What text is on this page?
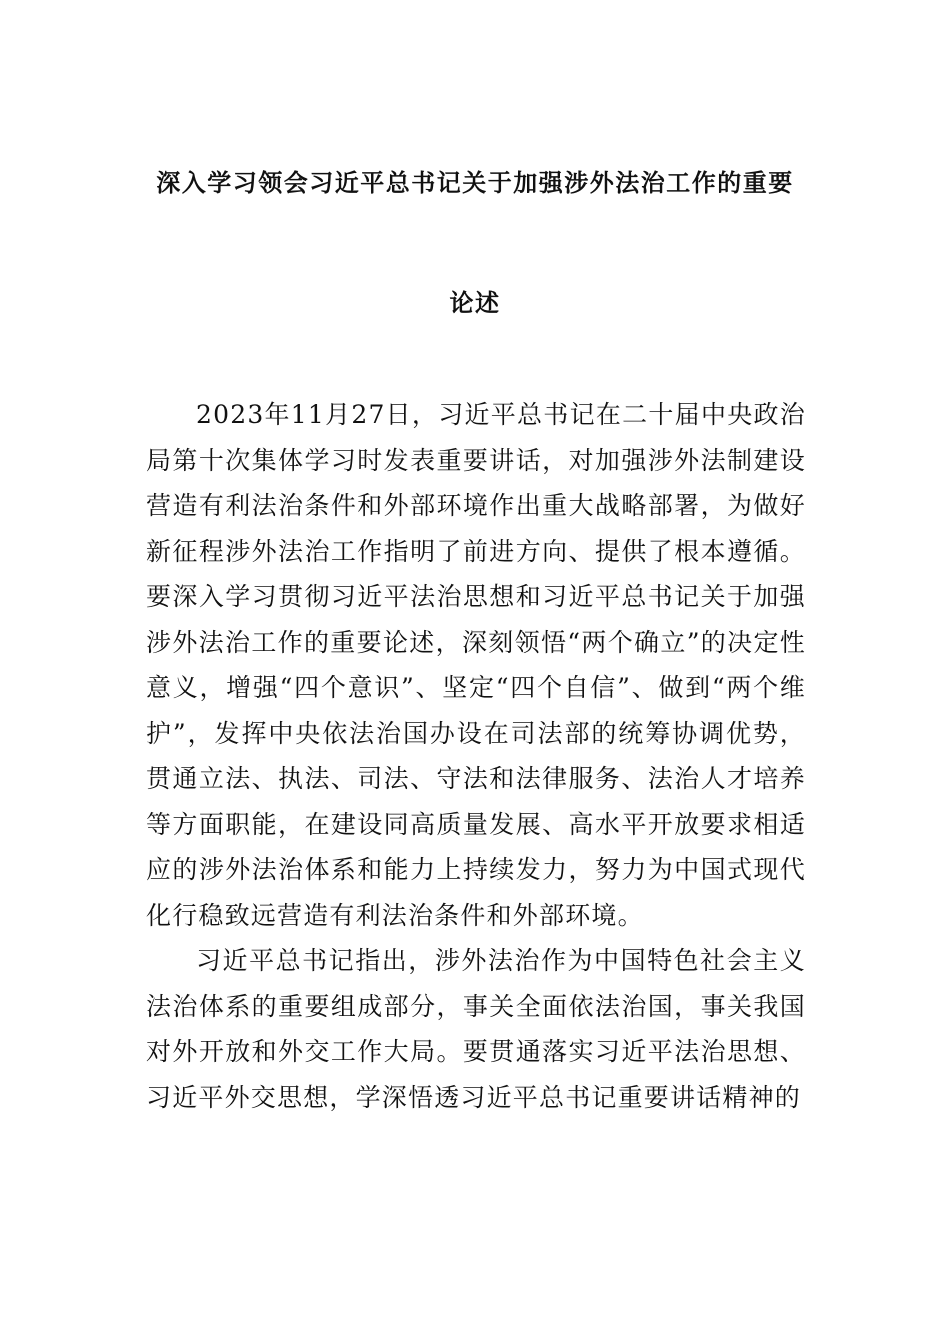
深入学习领会习近平总书记关于加强涉外法治工作的重要
论述

2023年11月27日，习近平总书记在二十届中央政治局第十次集体学习时发表重要讲话，对加强涉外法制建设营造有利法治条件和外部环境作出重大战略部署，为做好新征程涉外法治工作指明了前进方向、提供了根本遵循。要深入学习贯彻习近平法治思想和习近平总书记关于加强涉外法治工作的重要论述，深刻领悟“两个确立”的决定性意义，增强“四个意识”、坚定“四个自信”、做到“两个维护”，发挥中央依法治国办设在司法部的统筹协调优势，贯通立法、执法、司法、守法和法律服务、法治人才培养等方面职能，在建设同高质量发展、高水平开放要求相适应的涉外法治体系和能力上持续发力，努力为中国式现代化行稳致远营造有利法治条件和外部环境。

习近平总书记指出，涉外法治作为中国特色社会主义法治体系的重要组成部分，事关全面依法治国，事关我国对外开放和外交工作大局。要贯通落实习近平法治思想、习近平外交思想，学深悟透习近平总书记重要讲话精神的
